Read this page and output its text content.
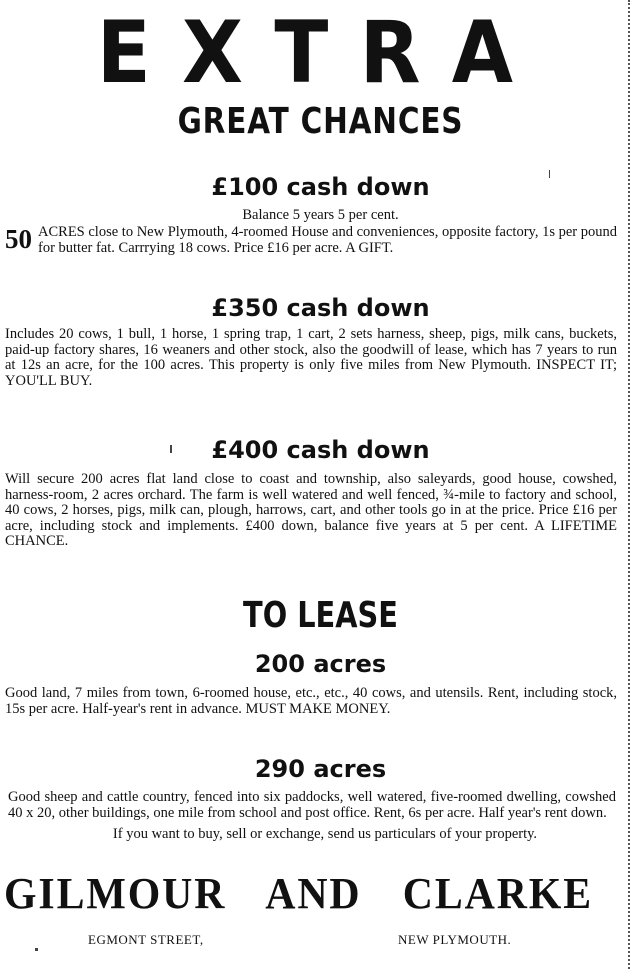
EXTRA
GREAT CHANCES
£100 cash down
Balance 5 years 5 per cent.
50 ACRES close to New Plymouth, 4-roomed House and conveniences, opposite factory, 1s per pound for butter fat. Carrrying 18 cows. Price £16 per acre. A GIFT.
£350 cash down
Includes 20 cows, 1 bull, 1 horse, 1 spring trap, 1 cart, 2 sets harness, sheep, pigs, milk cans, buckets, paid-up factory shares, 16 weaners and other stock, also the goodwill of lease, which has 7 years to run at 12s an acre, for the 100 acres. This property is only five miles from New Plymouth. INSPECT IT; YOU'LL BUY.
£400 cash down
Will secure 200 acres flat land close to coast and township, also saleyards, good house, cowshed, harness-room, 2 acres orchard. The farm is well watered and well fenced, ¾-mile to factory and school, 40 cows, 2 horses, pigs, milk can, plough, harrows, cart, and other tools go in at the price. Price £16 per acre, including stock and implements. £400 down, balance five years at 5 per cent. A LIFETIME CHANCE.
TO LEASE
200 acres
Good land, 7 miles from town, 6-roomed house, etc., etc., 40 cows, and utensils. Rent, including stock, 15s per acre. Half-year's rent in advance. MUST MAKE MONEY.
290 acres
Good sheep and cattle country, fenced into six paddocks, well watered, five-roomed dwelling, cowshed 40 x 20, other buildings, one mile from school and post office. Rent, 6s per acre. Half year's rent down.
If you want to buy, sell or exchange, send us particulars of your property.
GILMOUR AND CLARKE
EGMONT STREET,	NEW PLYMOUTH.
